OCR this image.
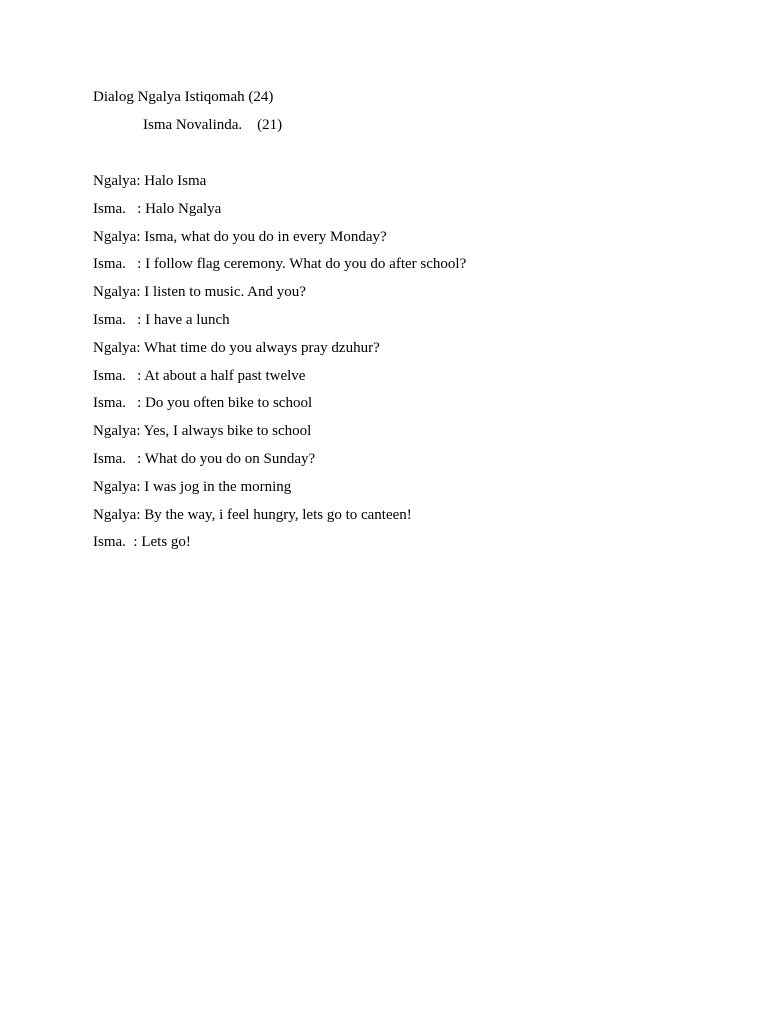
Dialog Ngalya Istiqomah (24)
Isma Novalinda.    (21)
Ngalya: Halo Isma
Isma.   : Halo Ngalya
Ngalya: Isma, what do you do in every Monday?
Isma.   : I follow flag ceremony. What do you do after school?
Ngalya: I listen to music. And you?
Isma.   : I have a lunch
Ngalya: What time do you always pray dzuhur?
Isma.   : At about a half past twelve
Isma.   : Do you often bike to school
Ngalya: Yes, I always bike to school
Isma.   : What do you do on Sunday?
Ngalya: I was jog in the morning
Ngalya: By the way, i feel hungry, lets go to canteen!
Isma.  : Lets go!
